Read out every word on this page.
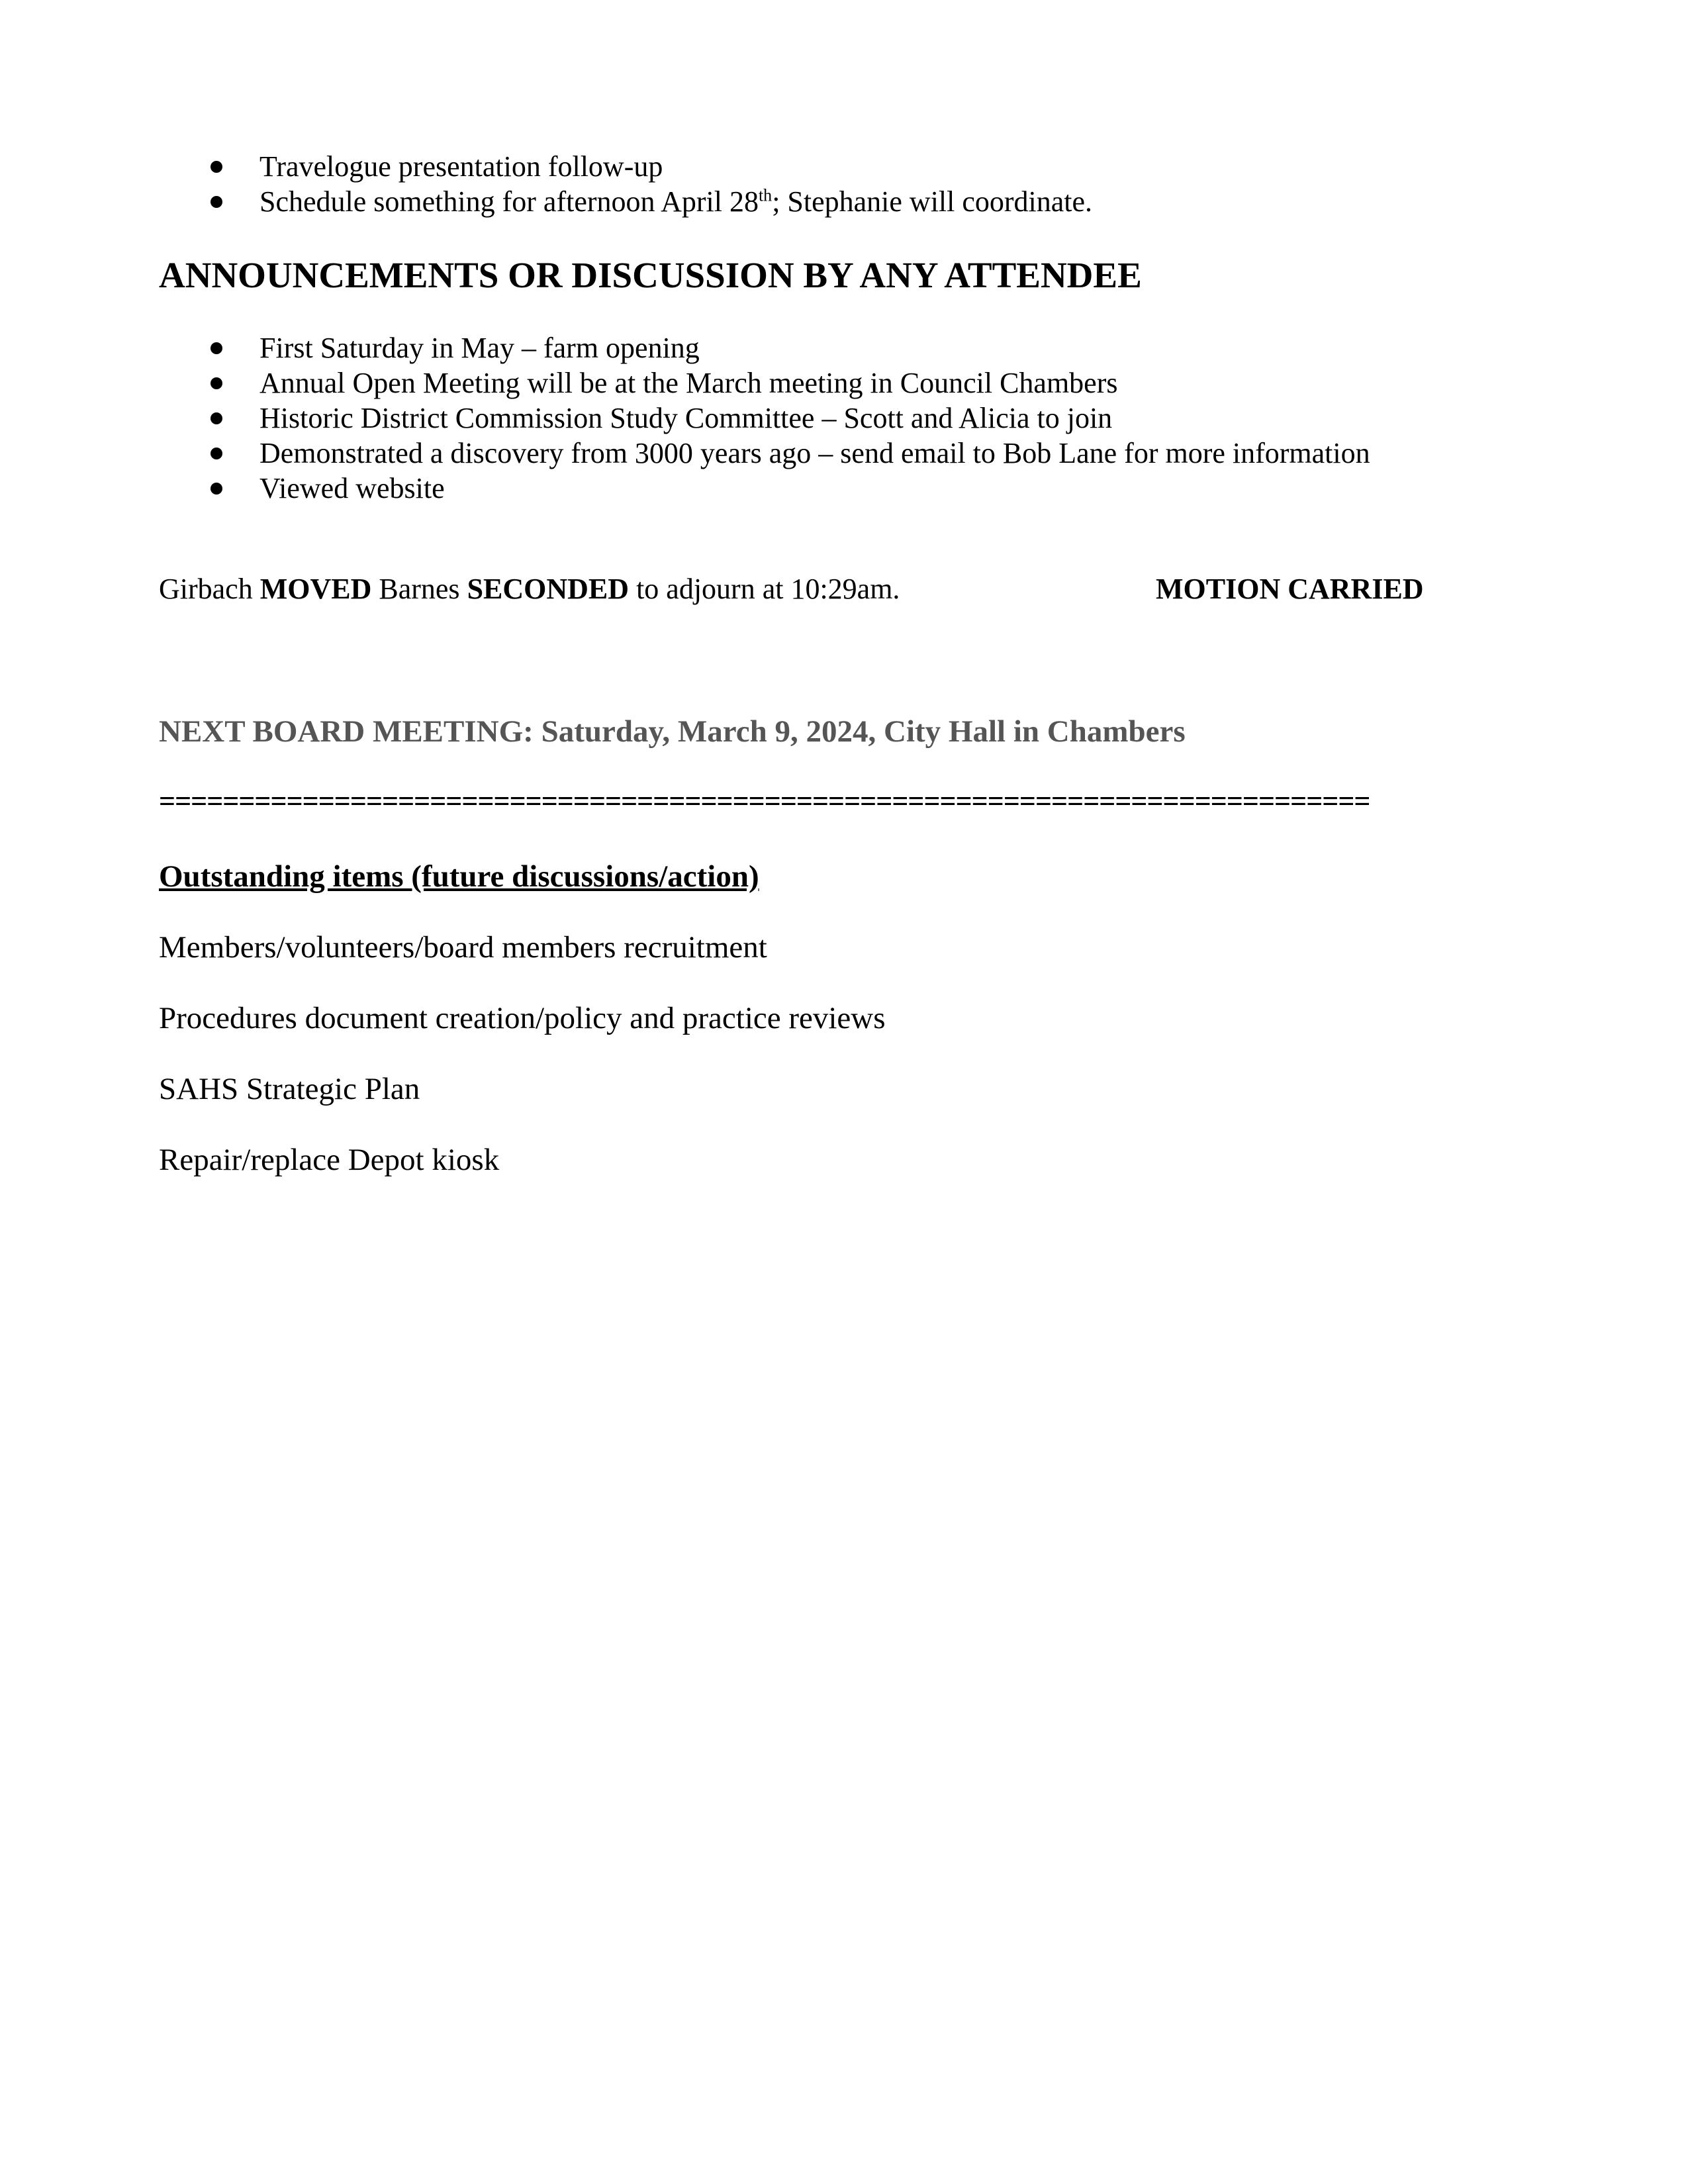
Travelogue presentation follow-up
Schedule something for afternoon April 28th; Stephanie will coordinate.
ANNOUNCEMENTS OR DISCUSSION BY ANY ATTENDEE
First Saturday in May – farm opening
Annual Open Meeting will be at the March meeting in Council Chambers
Historic District Commission Study Committee – Scott and Alicia to join
Demonstrated a discovery from 3000 years ago – send email to Bob Lane for more information
Viewed website
Girbach MOVED Barnes SECONDED to adjourn at 10:29am.	MOTION CARRIED
NEXT BOARD MEETING: Saturday, March 9, 2024, City Hall in Chambers
============================================================================
Outstanding items (future discussions/action)
Members/volunteers/board members recruitment
Procedures document creation/policy and practice reviews
SAHS Strategic Plan
Repair/replace Depot kiosk
